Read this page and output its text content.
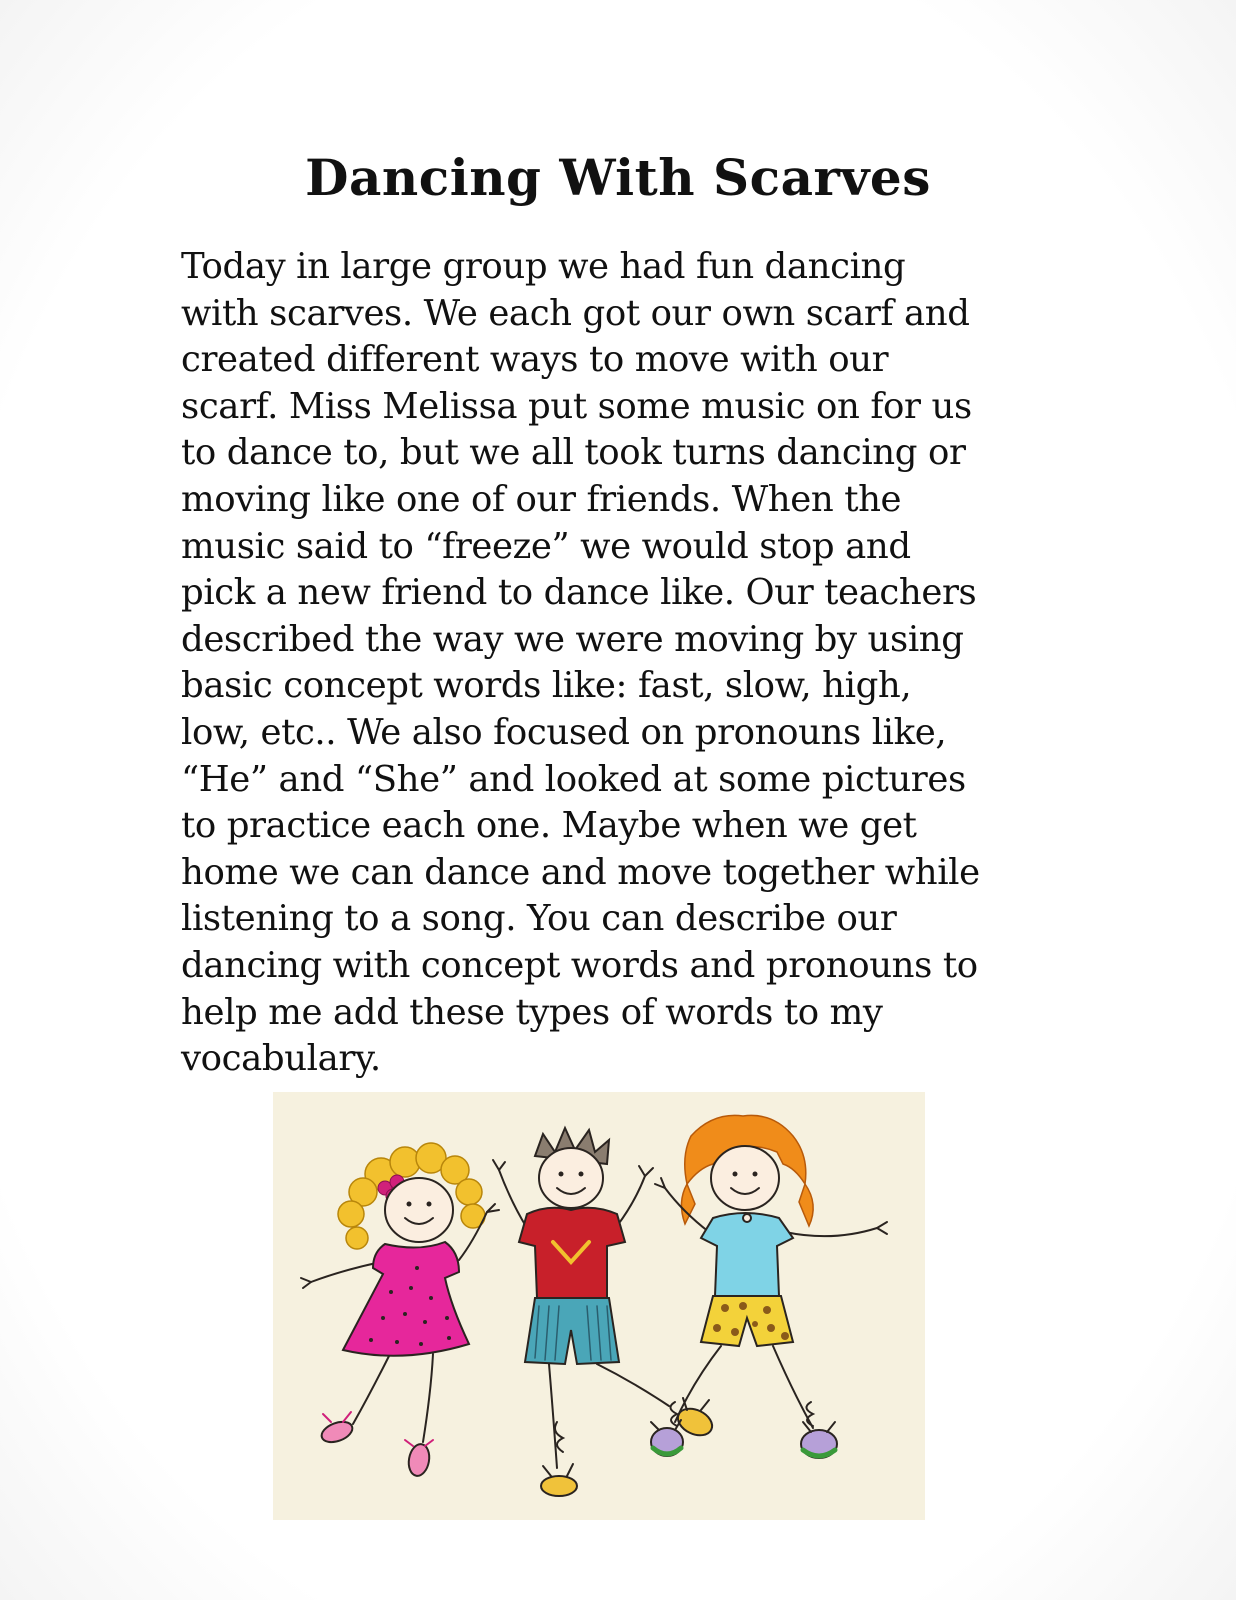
Dancing With Scarves
Today in large group we had fun dancing
with scarves. We each got our own scarf and
created different ways to move with our
scarf. Miss Melissa put some music on for us
to dance to, but we all took turns dancing or
moving like one of our friends. When the
music said to “freeze” we would stop and
pick a new friend to dance like. Our teachers
described the way we were moving by using
basic concept words like: fast, slow, high,
low, etc.. We also focused on pronouns like,
“He” and “She” and looked at some pictures
to practice each one. Maybe when we get
home we can dance and move together while
listening to a song. You can describe our
dancing with concept words and pronouns to
help me add these types of words to my
vocabulary.
